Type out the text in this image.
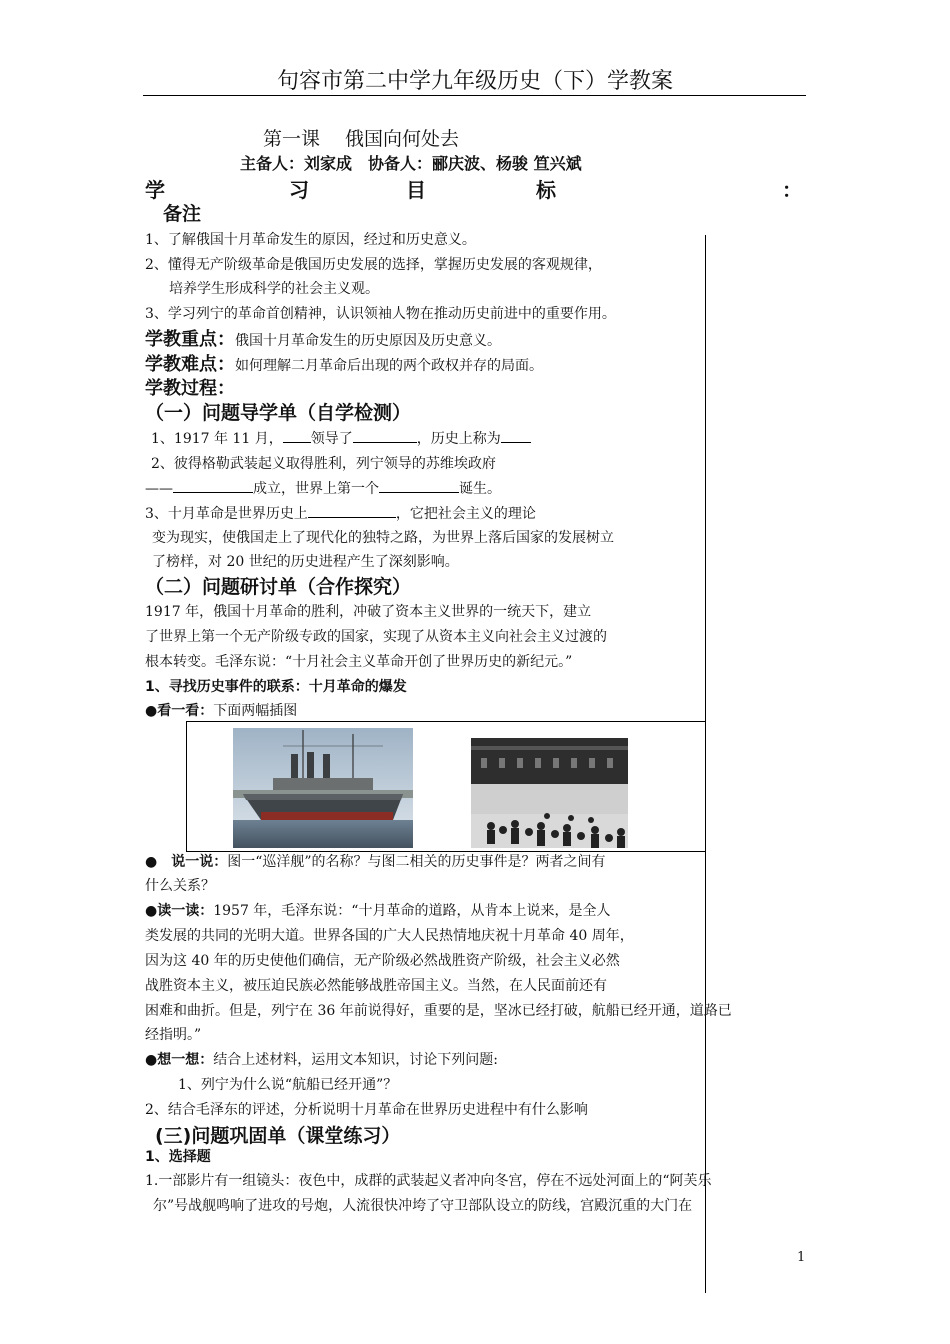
句容市第二中学九年级历史（下）学教案
第一课　 俄国向何处去
主备人：刘家成　协备人：郦庆波、杨骏 笪兴斌
学	习	目	标	：
备注
1、了解俄国十月革命发生的原因，经过和历史意义。
2、懂得无产阶级革命是俄国历史发展的选择，掌握历史发展的客观规律，
培养学生形成科学的社会主义观。
3、学习列宁的革命首创精神，认识领袖人物在推动历史前进中的重要作用。
学教重点：俄国十月革命发生的历史原因及历史意义。
学教难点：如何理解二月革命后出现的两个政权并存的局面。
学教过程：
（一）问题导学单（自学检测）
1、1917 年 11 月， 领导了	，历史上称为
2、彼得格勒武装起义取得胜利，列宁领导的苏维埃政府
——	成立，世界上第一个	诞生。
3、十月革命是世界历史上	，它把社会主义的理论
变为现实，使俄国走上了现代化的独特之路，为世界上落后国家的发展树立
了榜样，对 20 世纪的历史进程产生了深刻影响。
（二）问题研讨单（合作探究）
1917 年，俄国十月革命的胜利，冲破了资本主义世界的一统天下，建立
了世界上第一个无产阶级专政的国家，实现了从资本主义向社会主义过渡的
根本转变。毛泽东说：“十月社会主义革命开创了世界历史的新纪元。”
1、寻找历史事件的联系：十月革命的爆发
●看一看：下面两幅插图
●　说一说：图一“巡洋舰”的名称？与图二相关的历史事件是？两者之间有
什么关系？
●读一读：1957 年，毛泽东说：“十月革命的道路，从肯本上说来，是全人
类发展的共同的光明大道。世界各国的广大人民热情地庆祝十月革命 40 周年，
因为这 40 年的历史使他们确信，无产阶级必然战胜资产阶级，社会主义必然
战胜资本主义，被压迫民族必然能够战胜帝国主义。当然，在人民面前还有
困难和曲折。但是，列宁在 36 年前说得好，重要的是，坚冰已经打破，航船已经开通，道路已
经指明。”
●想一想：结合上述材料，运用文本知识，讨论下列问题:
1、列宁为什么说“航船已经开通”？
2、结合毛泽东的评述，分析说明十月革命在世界历史进程中有什么影响
(三)问题巩固单（课堂练习）
1、选择题
1.一部影片有一组镜头：夜色中，成群的武装起义者冲向冬宫，停在不远处河面上的“阿芙乐
尔”号战舰鸣响了进攻的号炮，人流很快冲垮了守卫部队设立的防线，宫殿沉重的大门在
1
